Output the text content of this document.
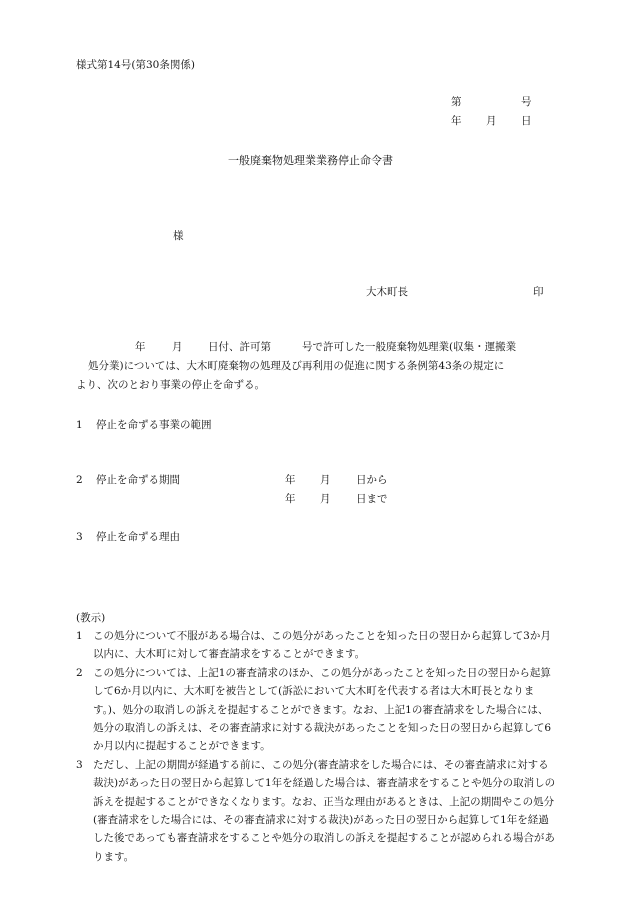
様式第14号(第30条関係)
第	号
年 月 日
一般廃棄物処理業業務停止命令書
様
大木町長	印
年	月 日付、許可第	号で許可した一般廃棄物処理業(収集・運搬業
処分業)については、大木町廃棄物の処理及び再利用の促進に関する条例第43条の規定に
より、次のとおり事業の停止を命ずる。
1 停止を命ずる事業の範囲
2 停止を命ずる期間	年 月 日から
年 月 日まで
3 停止を命ずる理由
(教示)
1 この処分について不服がある場合は、この処分があったことを知った日の翌日から起算して3か月以内に、大木町に対して審査請求をすることができます。
2 この処分については、上記1の審査請求のほか、この処分があったことを知った日の翌日から起算して6か月以内に、大木町を被告として(訴訟において大木町を代表する者は大木町長となります。)、処分の取消しの訴えを提起することができます。なお、上記1の審査請求をした場合には、処分の取消しの訴えは、その審査請求に対する裁決があったことを知った日の翌日から起算して6か月以内に提起することができます。
3 ただし、上記の期間が経過する前に、この処分(審査請求をした場合には、その審査請求に対する裁決)があった日の翌日から起算して1年を経過した場合は、審査請求をすることや処分の取消しの訴えを提起することができなくなります。なお、正当な理由があるときは、上記の期間やこの処分(審査請求をした場合には、その審査請求に対する裁決)があった日の翌日から起算して1年を経過した後であっても審査請求をすることや処分の取消しの訴えを提起することが認められる場合があります。
